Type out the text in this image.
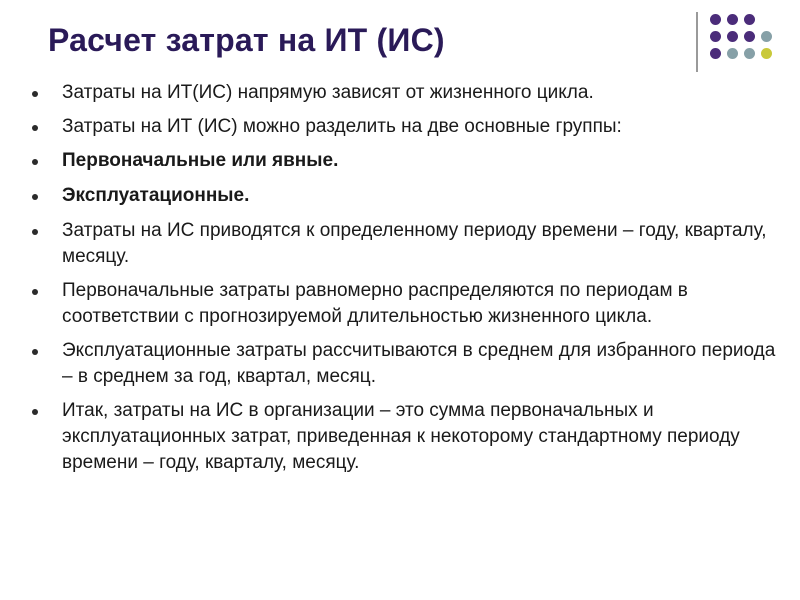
Расчет затрат на ИТ (ИС)
Затраты на ИТ(ИС) напрямую зависят от жизненного цикла.
Затраты на ИТ (ИС) можно разделить на две основные группы:
Первоначальные или явные.
Эксплуатационные.
Затраты на ИС приводятся к определенному периоду времени – году, кварталу, месяцу.
Первоначальные затраты равномерно распределяются по периодам в соответствии с прогнозируемой длительностью жизненного цикла.
Эксплуатационные затраты рассчитываются в среднем для избранного периода – в среднем за год, квартал, месяц.
Итак, затраты на ИС в организации – это сумма первоначальных и эксплуатационных затрат, приведенная к некоторому стандартному периоду времени – году, кварталу, месяцу.
